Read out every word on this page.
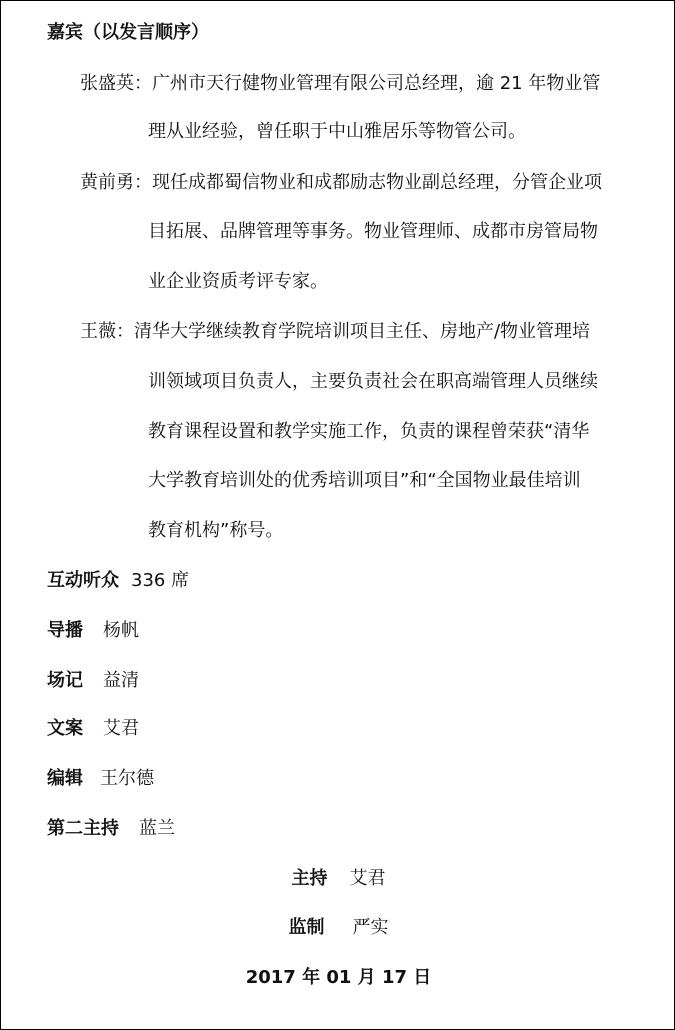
嘉宾（以发言顺序）
张盛英：广州市天行健物业管理有限公司总经理，逾 21 年物业管
理从业经验，曾任职于中山雅居乐等物管公司。
黄前勇：现任成都蜀信物业和成都励志物业副总经理，分管企业项
目拓展、品牌管理等事务。物业管理师、成都市房管局物
业企业资质考评专家。
王薇：清华大学继续教育学院培训项目主任、房地产/物业管理培
训领域项目负责人，主要负责社会在职高端管理人员继续
教育课程设置和教学实施工作，负责的课程曾荣获“清华
大学教育培训处的优秀培训项目”和“全国物业最佳培训
教育机构”称号。
互动听众 336 席
导播 杨帆
场记 益清
文案 艾君
编辑 王尔德
第二主持 蓝兰
主持 艾君
监制 严实
2017 年 01 月 17 日
